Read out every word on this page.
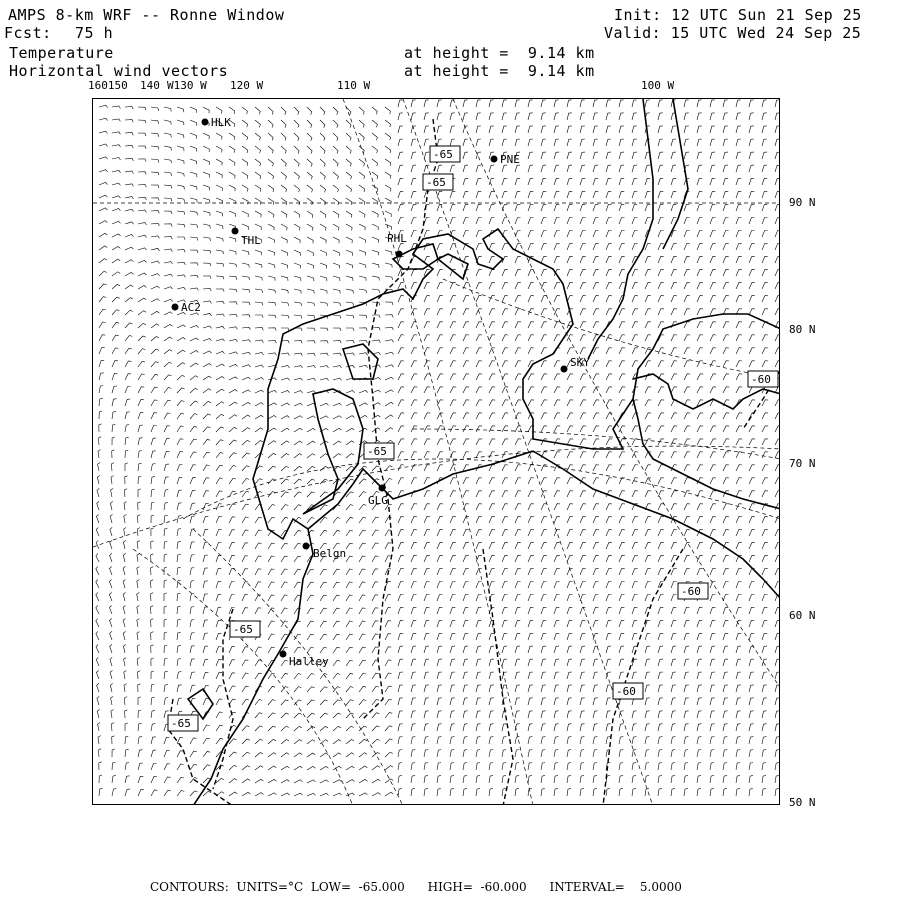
AMPS 8-km WRF -- Ronne Window
Fcst: 75 h
Temperature
Horizontal wind vectors
at height =  9.14 km
at height =  9.14 km
Init: 12 UTC Sun 21 Sep 25
Valid: 15 UTC Wed 24 Sep 25
160150 140 W130 W 120 W	110 W	100 W
90 N
80 N
70 N
60 N
50 N
-65
-65
-65
-60
-60
-60
-65
-65
HLK
PNE
THL	PHL
AC2
SKY
GLG
Belgn
Halley
CONTOURS:  UNITS=°C  LOW=  -65.000      HIGH=  -60.000      INTERVAL=    5.0000
